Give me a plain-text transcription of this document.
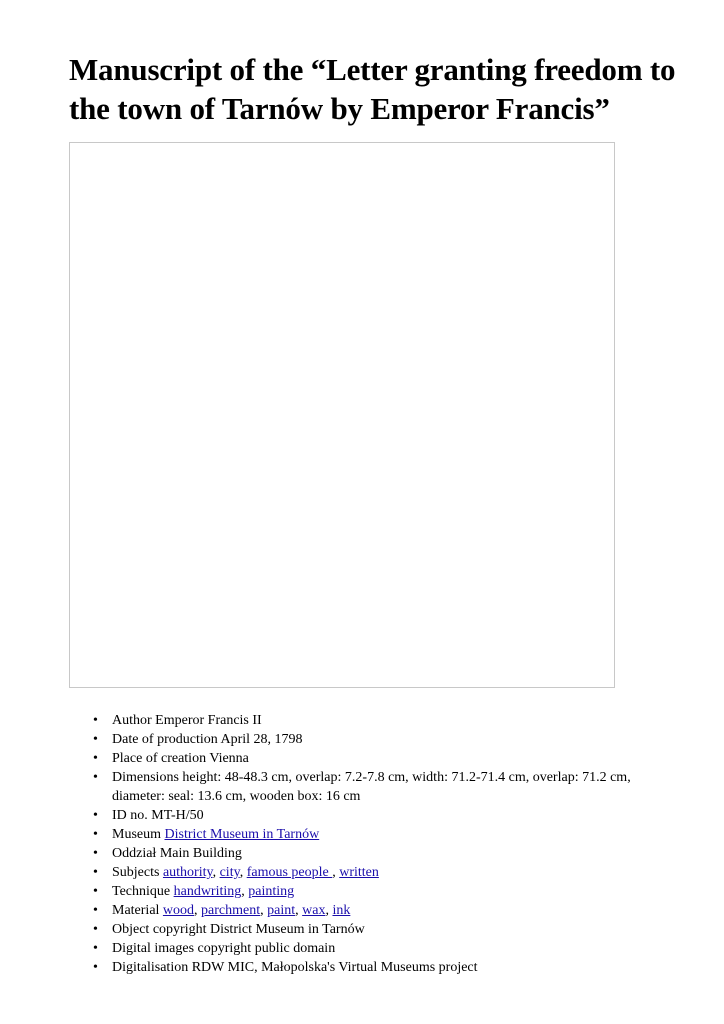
Manuscript of the “Letter granting freedom to the town of Tarnów by Emperor Francis”
• Author Emperor Francis II
• Date of production April 28, 1798
• Place of creation Vienna
• Dimensions height: 48-48.3 cm, overlap: 7.2-7.8 cm, width: 71.2-71.4 cm, overlap: 71.2 cm, diameter: seal: 13.6 cm, wooden box: 16 cm
• ID no. MT-H/50
• Museum District Museum in Tarnów
• Oddział Main Building
• Subjects authority, city, famous people , written
• Technique handwriting, painting
• Material wood, parchment, paint, wax, ink
• Object copyright District Museum in Tarnów
• Digital images copyright public domain
• Digitalisation RDW MIC, Małopolska's Virtual Museums project
